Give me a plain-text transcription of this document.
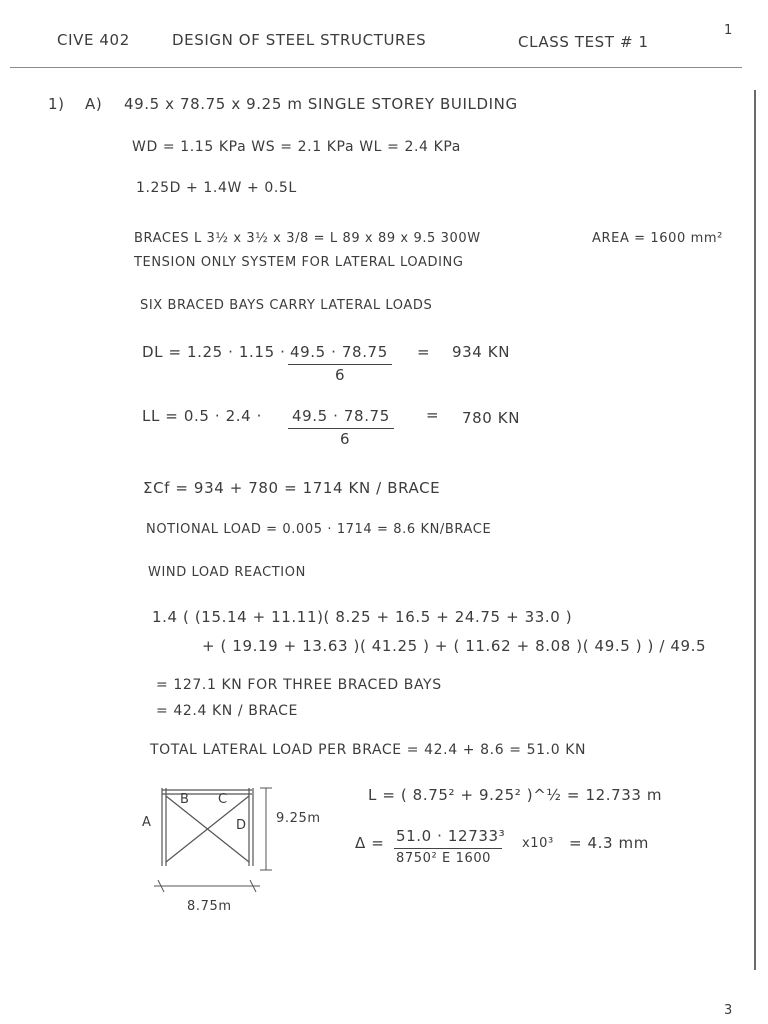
CIVE 402	DESIGN OF STEEL STRUCTURES	CLASS TEST # 1
1
1) A) 49.5 x 78.75 x 9.25 m SINGLE STOREY BUILDING
WD = 1.15 KPa WS = 2.1 KPa WL = 2.4 KPa
1.25D + 1.4W + 0.5L
BRACES L 3½ x 3½ x 3/8 = L 89 x 89 x 9.5 300W	AREA = 1600 mm²
TENSION ONLY SYSTEM FOR LATERAL LOADING
SIX BRACED BAYS CARRY LATERAL LOADS
DL = 1.25 · 1.15 · 49.5 · 78.75
6
= 934 KN
LL = 0.5 · 2.4 · 49.5 · 78.75
6
= 780 KN
ΣCf = 934 + 780 = 1714 KN / BRACE
NOTIONAL LOAD = 0.005 · 1714 = 8.6 KN/BRACE
WIND LOAD REACTION
1.4 ( (15.14 + 11.11)( 8.25 + 16.5 + 24.75 + 33.0 )
+ ( 19.19 + 13.63 )( 41.25 ) + ( 11.62 + 8.08 )( 49.5 ) ) / 49.5
= 127.1 KN FOR THREE BRACED BAYS
= 42.4 KN / BRACE
TOTAL LATERAL LOAD PER BRACE = 42.4 + 8.6 = 51.0 KN
A
B C
D 9.25m
8.75m
L = ( 8.75² + 9.25² )^½ = 12.733 m
Δ = 51.0 · 12733³
8750² E 1600
x10³ = 4.3 mm
3
